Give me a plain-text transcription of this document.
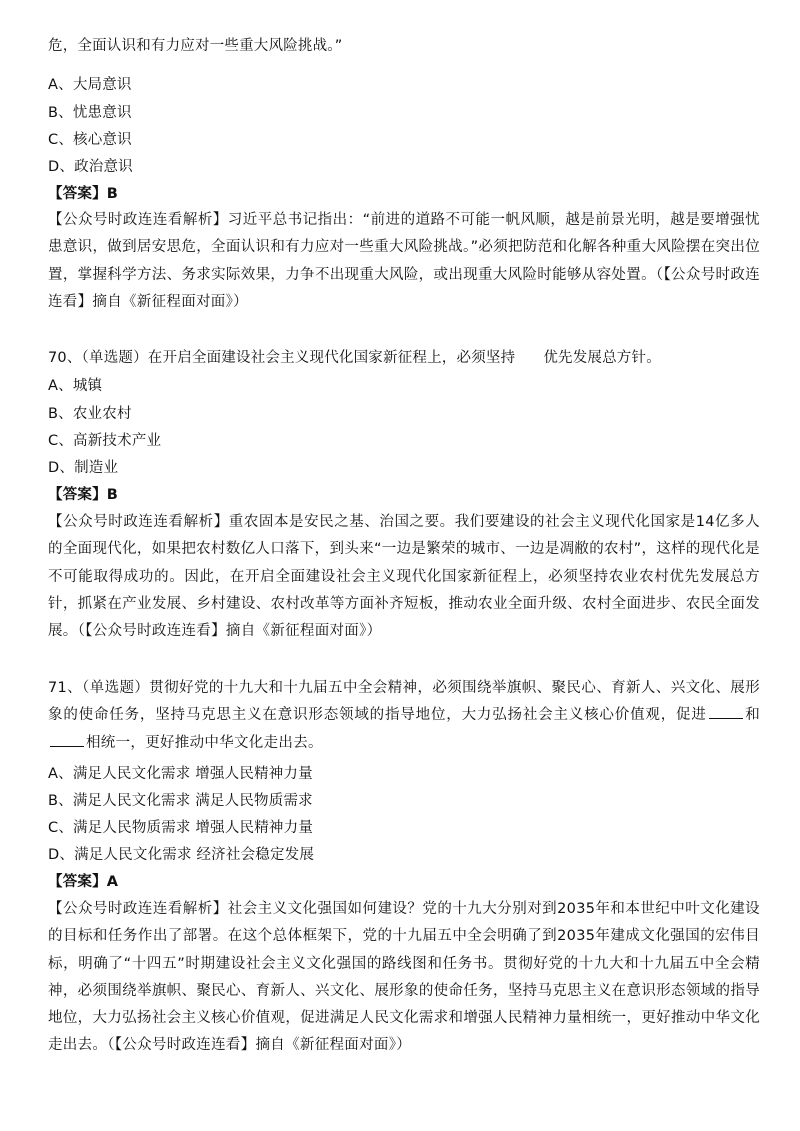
危，全面认识和有力应对一些重大风险挑战。”
A、大局意识
B、忧患意识
C、核心意识
D、政治意识
【答案】B
【公众号时政连连看解析】习近平总书记指出：“前进的道路不可能一帆风顺，越是前景光明，越是要增强忧患意识，做到居安思危，全面认识和有力应对一些重大风险挑战。”必须把防范和化解各种重大风险摆在突出位置，掌握科学方法、务求实际效果，力争不出现重大风险，或出现重大风险时能够从容处置。（【公众号时政连连看】摘自《新征程面对面》）
70、（单选题）在开启全面建设社会主义现代化国家新征程上，必须坚持 优先发展总方针。
A、城镇
B、农业农村
C、高新技术产业
D、制造业
【答案】B
【公众号时政连连看解析】重农固本是安民之基、治国之要。我们要建设的社会主义现代化国家是14亿多人的全面现代化，如果把农村数亿人口落下，到头来“一边是繁荣的城市、一边是凋敝的农村”，这样的现代化是不可能取得成功的。因此，在开启全面建设社会主义现代化国家新征程上，必须坚持农业农村优先发展总方针，抓紧在产业发展、乡村建设、农村改革等方面补齐短板，推动农业全面升级、农村全面进步、农民全面发展。（【公众号时政连连看】摘自《新征程面对面》）
71、（单选题）贯彻好党的十九大和十九届五中全会精神，必须围绕举旗帜、聚民心、育新人、兴文化、展形象的使命任务，坚持马克思主义在意识形态领域的指导地位，大力弘扬社会主义核心价值观，促进	和相统一，更好推动中华文化走出去。
A、满足人民文化需求 增强人民精神力量
B、满足人民文化需求 满足人民物质需求
C、满足人民物质需求 增强人民精神力量
D、满足人民文化需求 经济社会稳定发展
【答案】A
【公众号时政连连看解析】社会主义文化强国如何建设？党的十九大分别对到2035年和本世纪中叶文化建设的目标和任务作出了部署。在这个总体框架下，党的十九届五中全会明确了到2035年建成文化强国的宏伟目标，明确了“十四五”时期建设社会主义文化强国的路线图和任务书。贯彻好党的十九大和十九届五中全会精神，必须围绕举旗帜、聚民心、育新人、兴文化、展形象的使命任务，坚持马克思主义在意识形态领域的指导地位，大力弘扬社会主义核心价值观，促进满足人民文化需求和增强人民精神力量相统一，更好推动中华文化走出去。（【公众号时政连连看】摘自《新征程面对面》）
